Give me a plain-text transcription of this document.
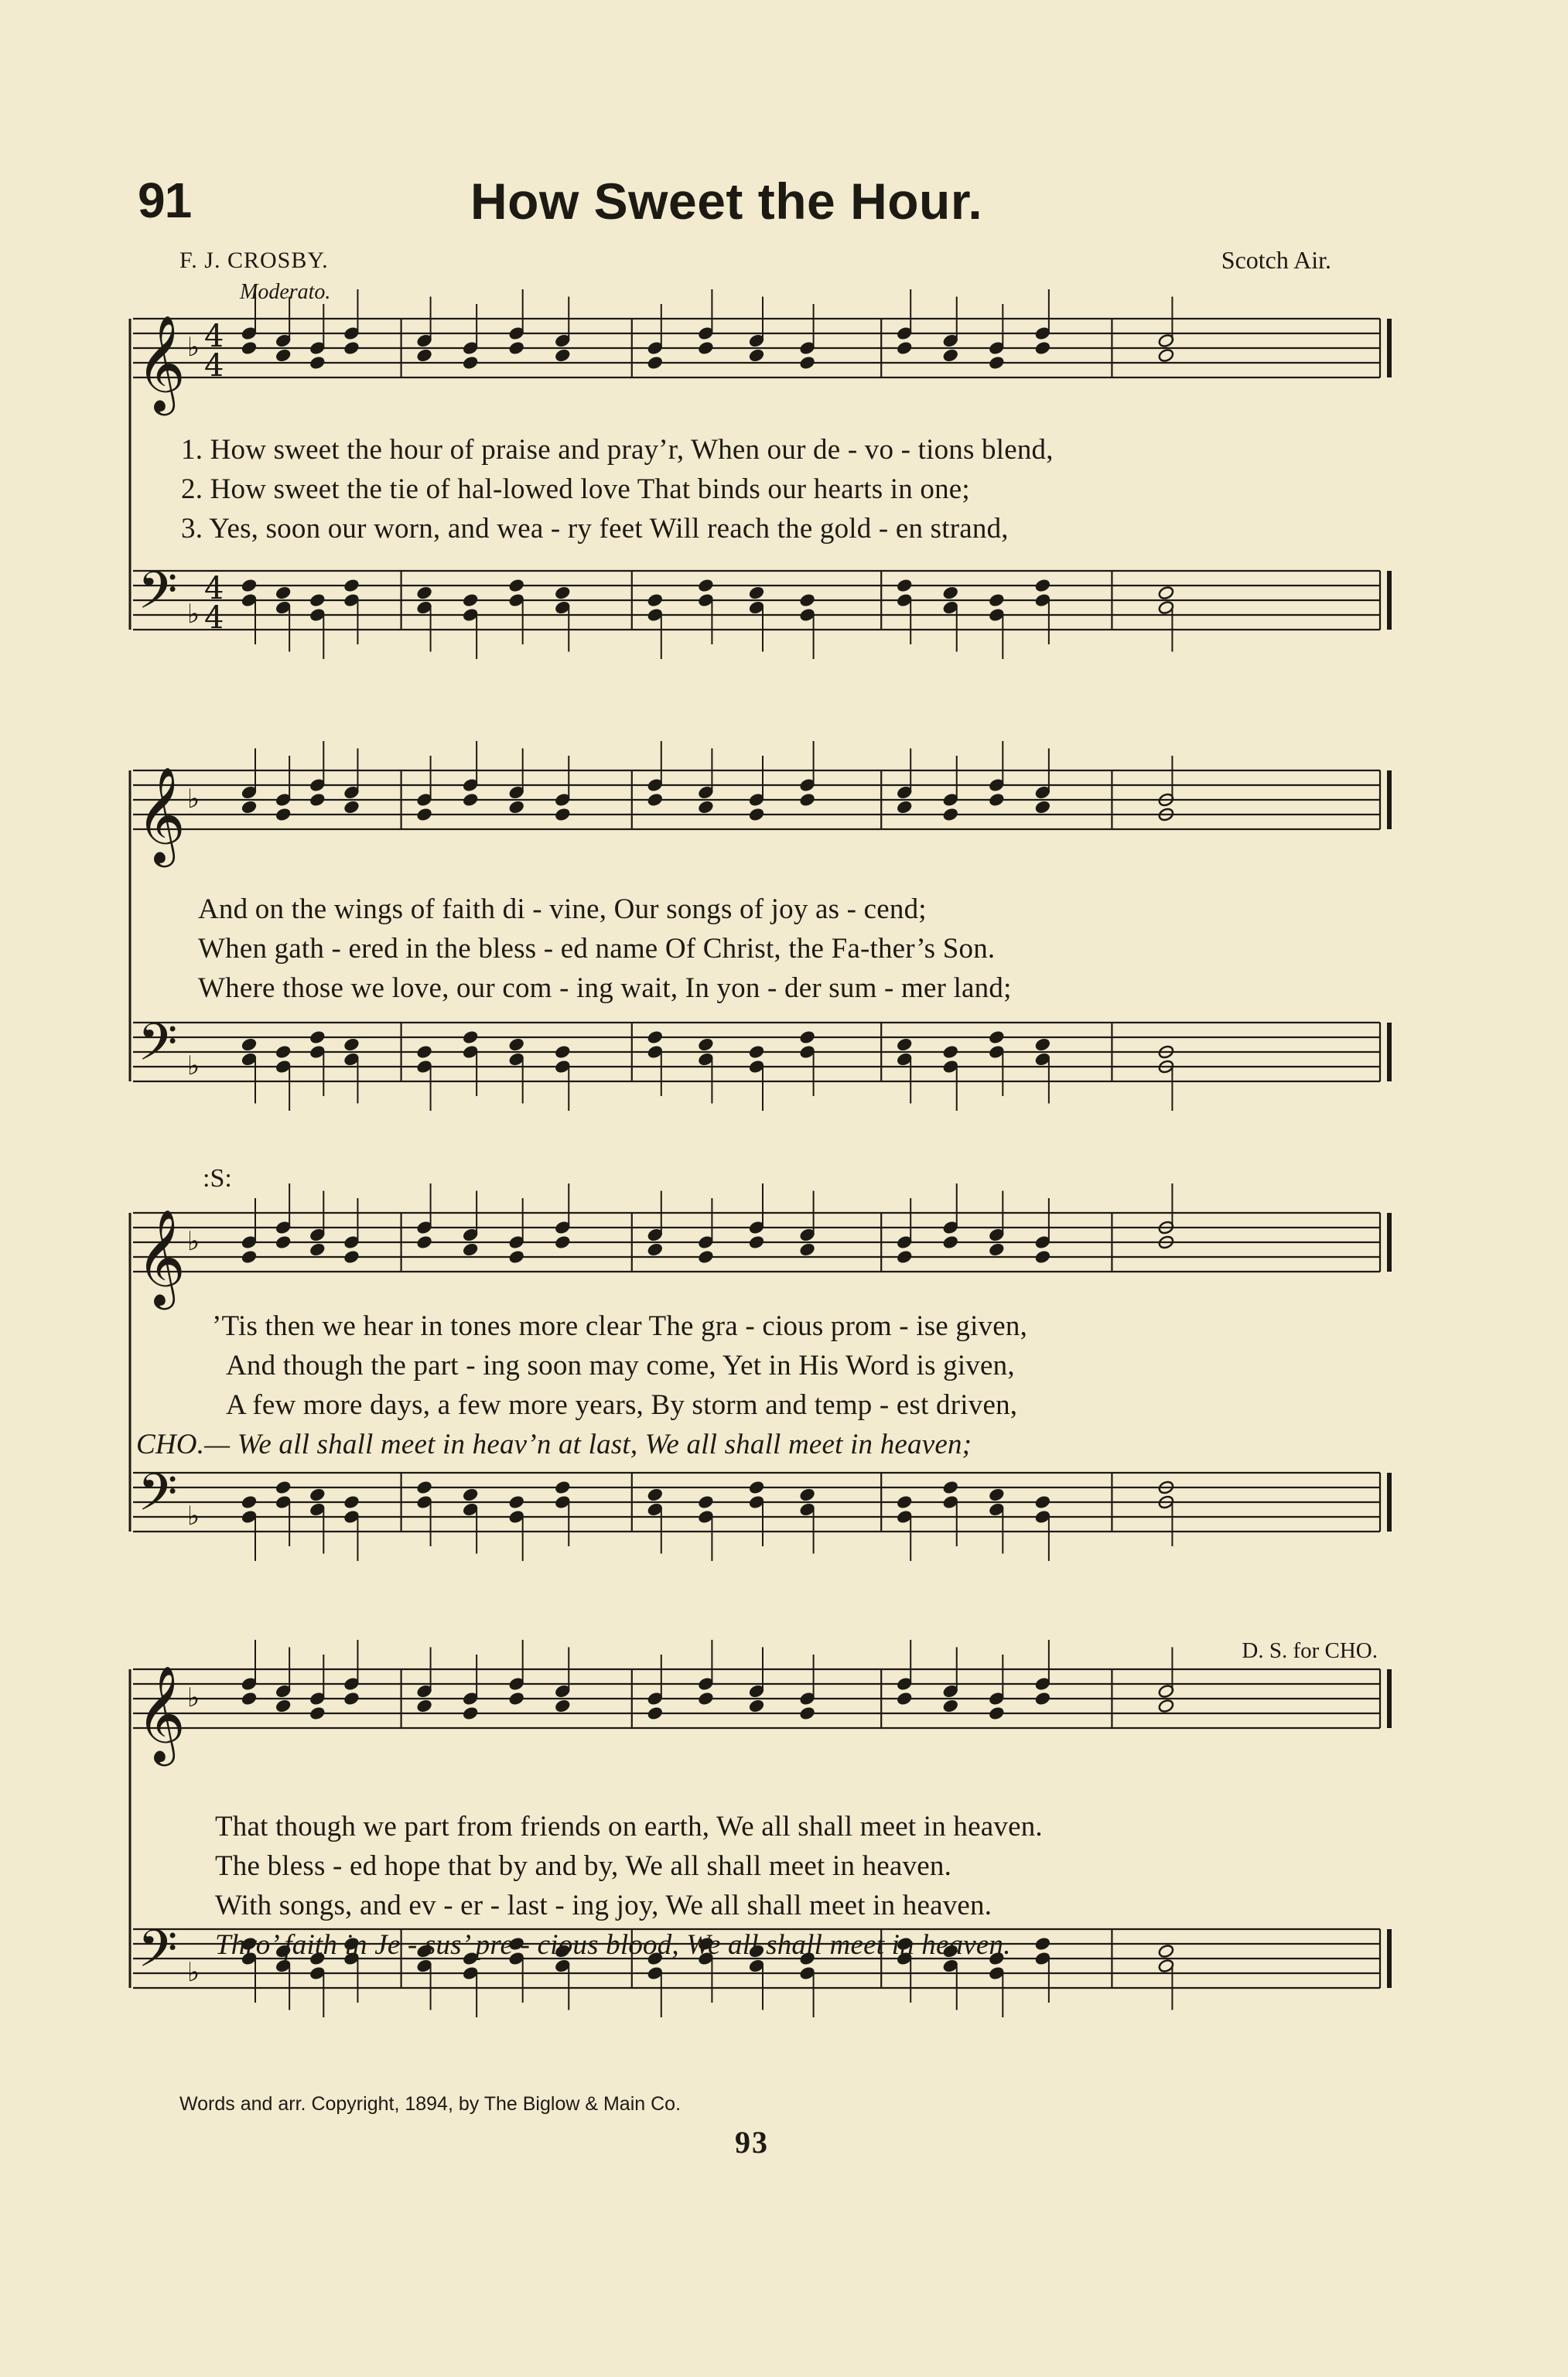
91	How Sweet the Hour.
F. J. CROSBY.	Scotch Air.
Moderato.
𝄞 ♭ 4
4
𝄢 ♭
4
4
𝄞 ♭
𝄢 ♭
𝄞 ♭
𝄢 ♭
𝄞 ♭
𝄢 ♭
:S:
1. How sweet the hour of praise and pray’r, When our de - vo - tions blend,
2. How sweet the tie of hal-lowed love That binds our hearts in one;
3. Yes, soon our worn, and wea - ry feet Will reach the gold - en strand,
And on the wings of faith di - vine, Our songs of joy as - cend;
When gath - ered in the bless - ed name Of Christ, the Fa-ther’s Son.
Where those we love, our com - ing wait, In yon - der sum - mer land;
’Tis then we hear in tones more clear The gra - cious prom - ise given,
And though the part - ing soon may come, Yet in His Word is given,
A few more days, a few more years, By storm and temp - est driven,
CHO.— We all shall meet in heav’n at last, We all shall meet in heaven;
That though we part from friends on earth, We all shall meet in heaven.
The bless - ed hope that by and by, We all shall meet in heaven.
With songs, and ev - er - last - ing joy, We all shall meet in heaven.
Thro’ faith in Je - sus’ pre - cious blood, We all shall meet in heaven.
D. S. for CHO.
Words and arr. Copyright, 1894, by The Biglow & Main Co.
93
